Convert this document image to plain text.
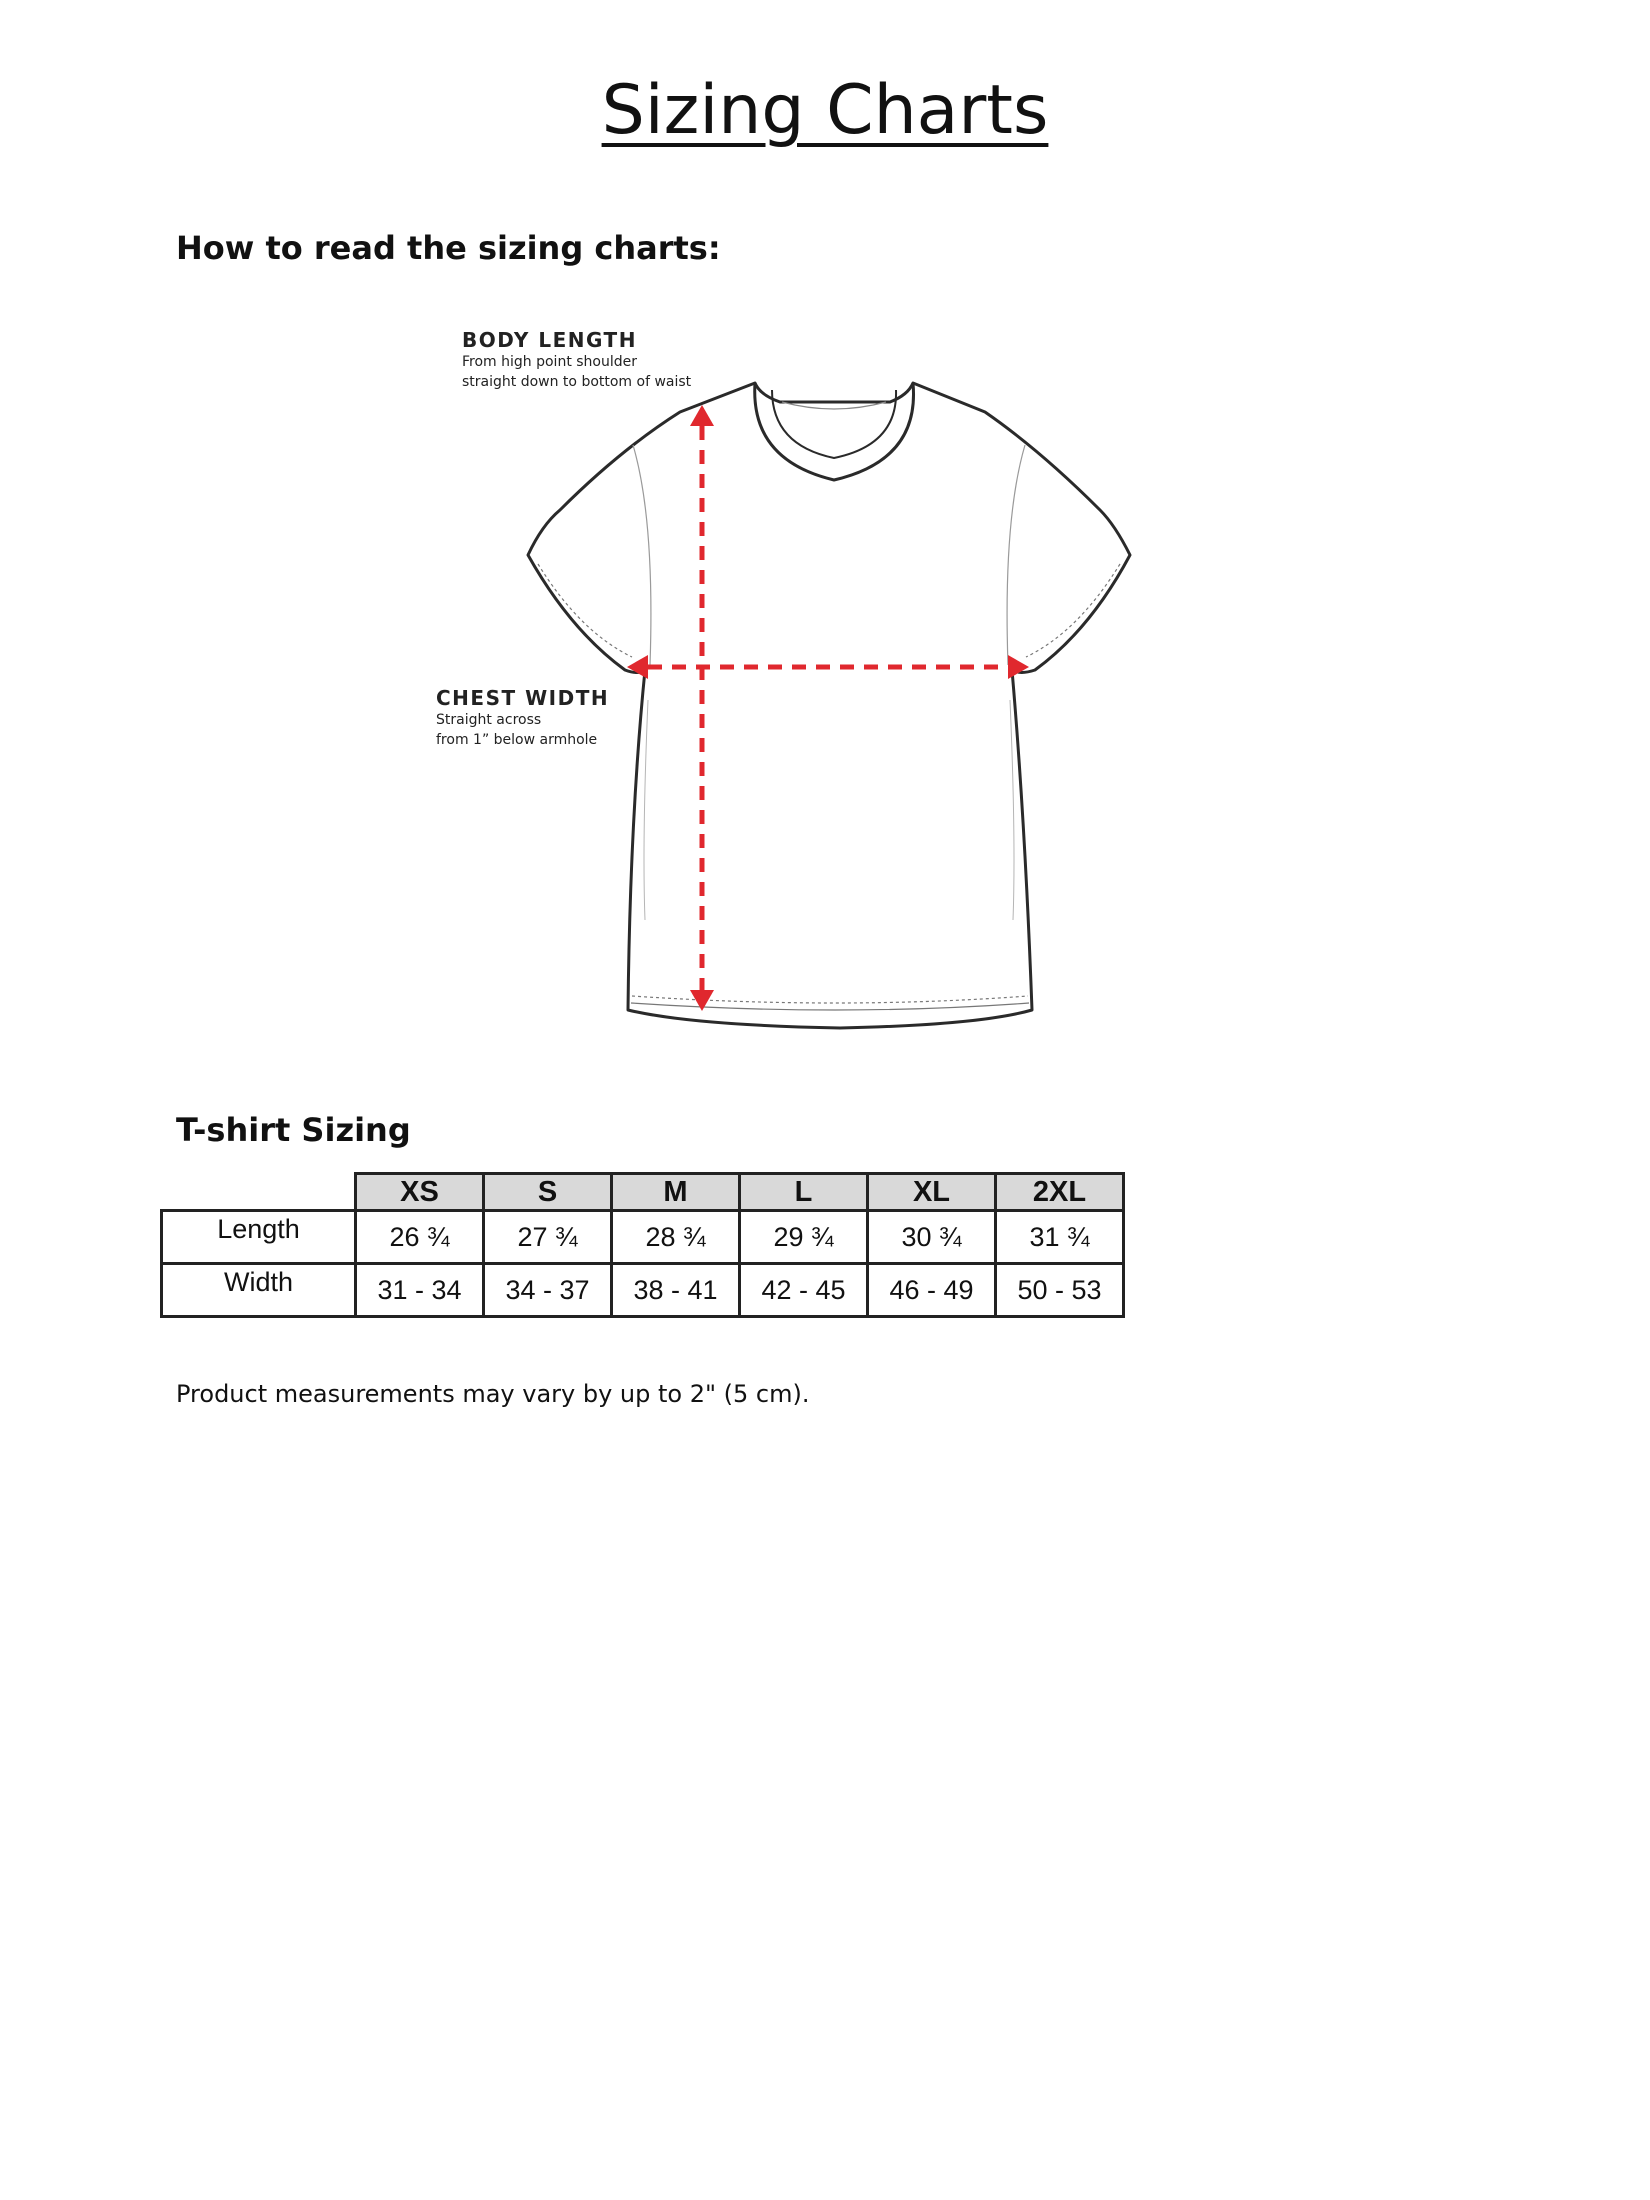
Sizing Charts
How to read the sizing charts:
BODY LENGTH
From high point shoulder
straight down to bottom of waist
CHEST WIDTH
Straight across
from 1” below armhole
T-shirt Sizing
	XS	S	M	L	XL	2XL
Length	26 ¾	27 ¾	28 ¾	29 ¾	30 ¾	31 ¾
Width	31 - 34	34 - 37	38 - 41	42 - 45	46 - 49	50 - 53

Product measurements may vary by up to 2" (5 cm).
